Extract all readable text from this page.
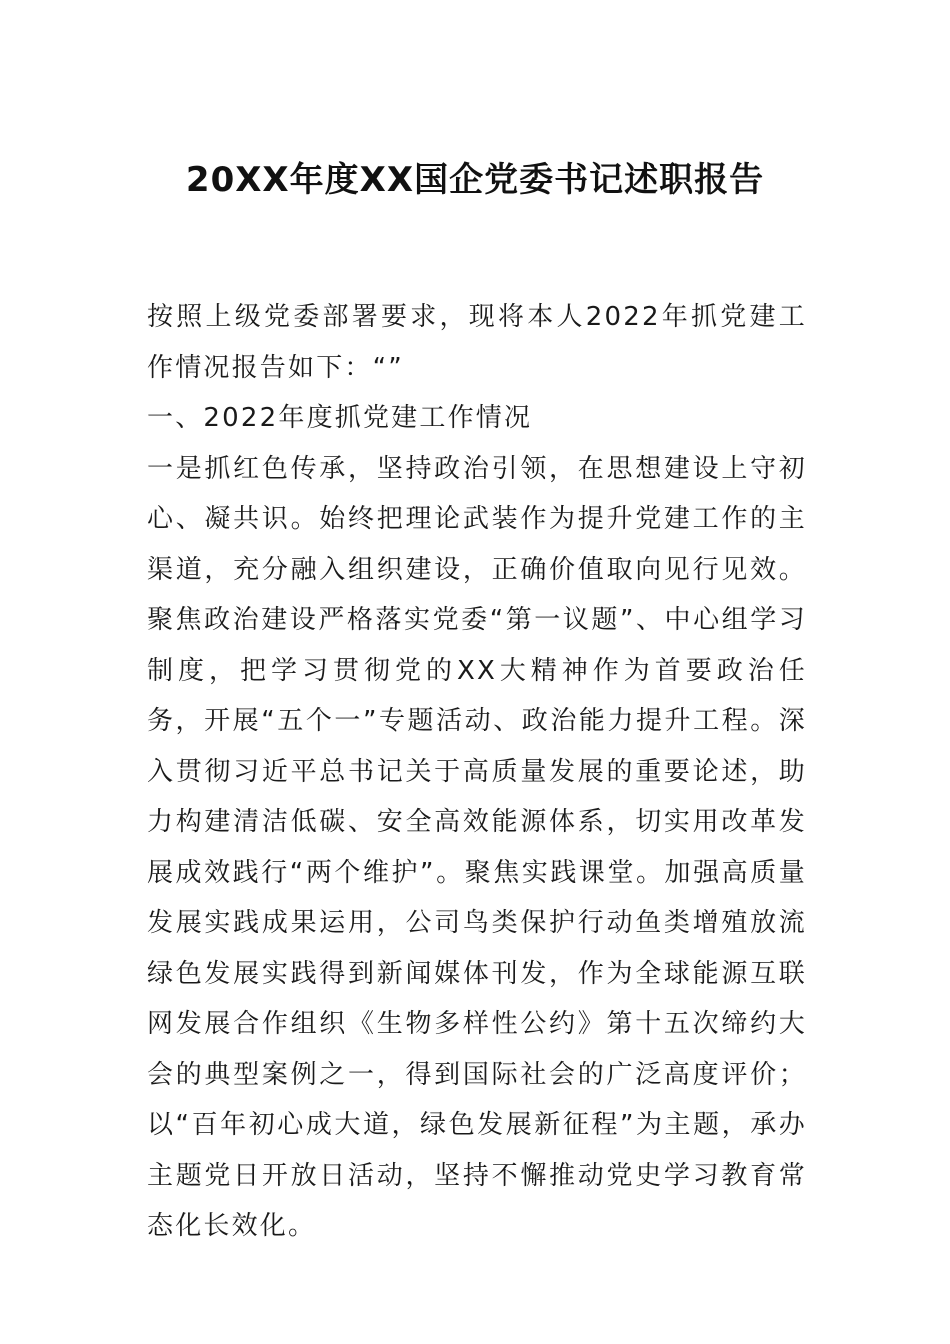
20XX年度XX国企党委书记述职报告

按照上级党委部署要求，现将本人2022年抓党建工作情况报告如下：“”

一、2022年度抓党建工作情况

一是抓红色传承，坚持政治引领，在思想建设上守初心、凝共识。始终把理论武装作为提升党建工作的主渠道，充分融入组织建设，正确价值取向见行见效。聚焦政治建设严格落实党委“第一议题”、中心组学习制度，把学习贯彻党的XX大精神作为首要政治任务，开展“五个一”专题活动、政治能力提升工程。深入贯彻习近平总书记关于高质量发展的重要论述，助力构建清洁低碳、安全高效能源体系，切实用改革发展成效践行“两个维护”。聚焦实践课堂。加强高质量发展实践成果运用，公司鸟类保护行动鱼类增殖放流绿色发展实践得到新闻媒体刊发，作为全球能源互联网发展合作组织《生物多样性公约》第十五次缔约大会的典型案例之一，得到国际社会的广泛高度评价；以“百年初心成大道，绿色发展新征程”为主题，承办主题党日开放日活动，坚持不懈推动党史学习教育常态化长效化。
